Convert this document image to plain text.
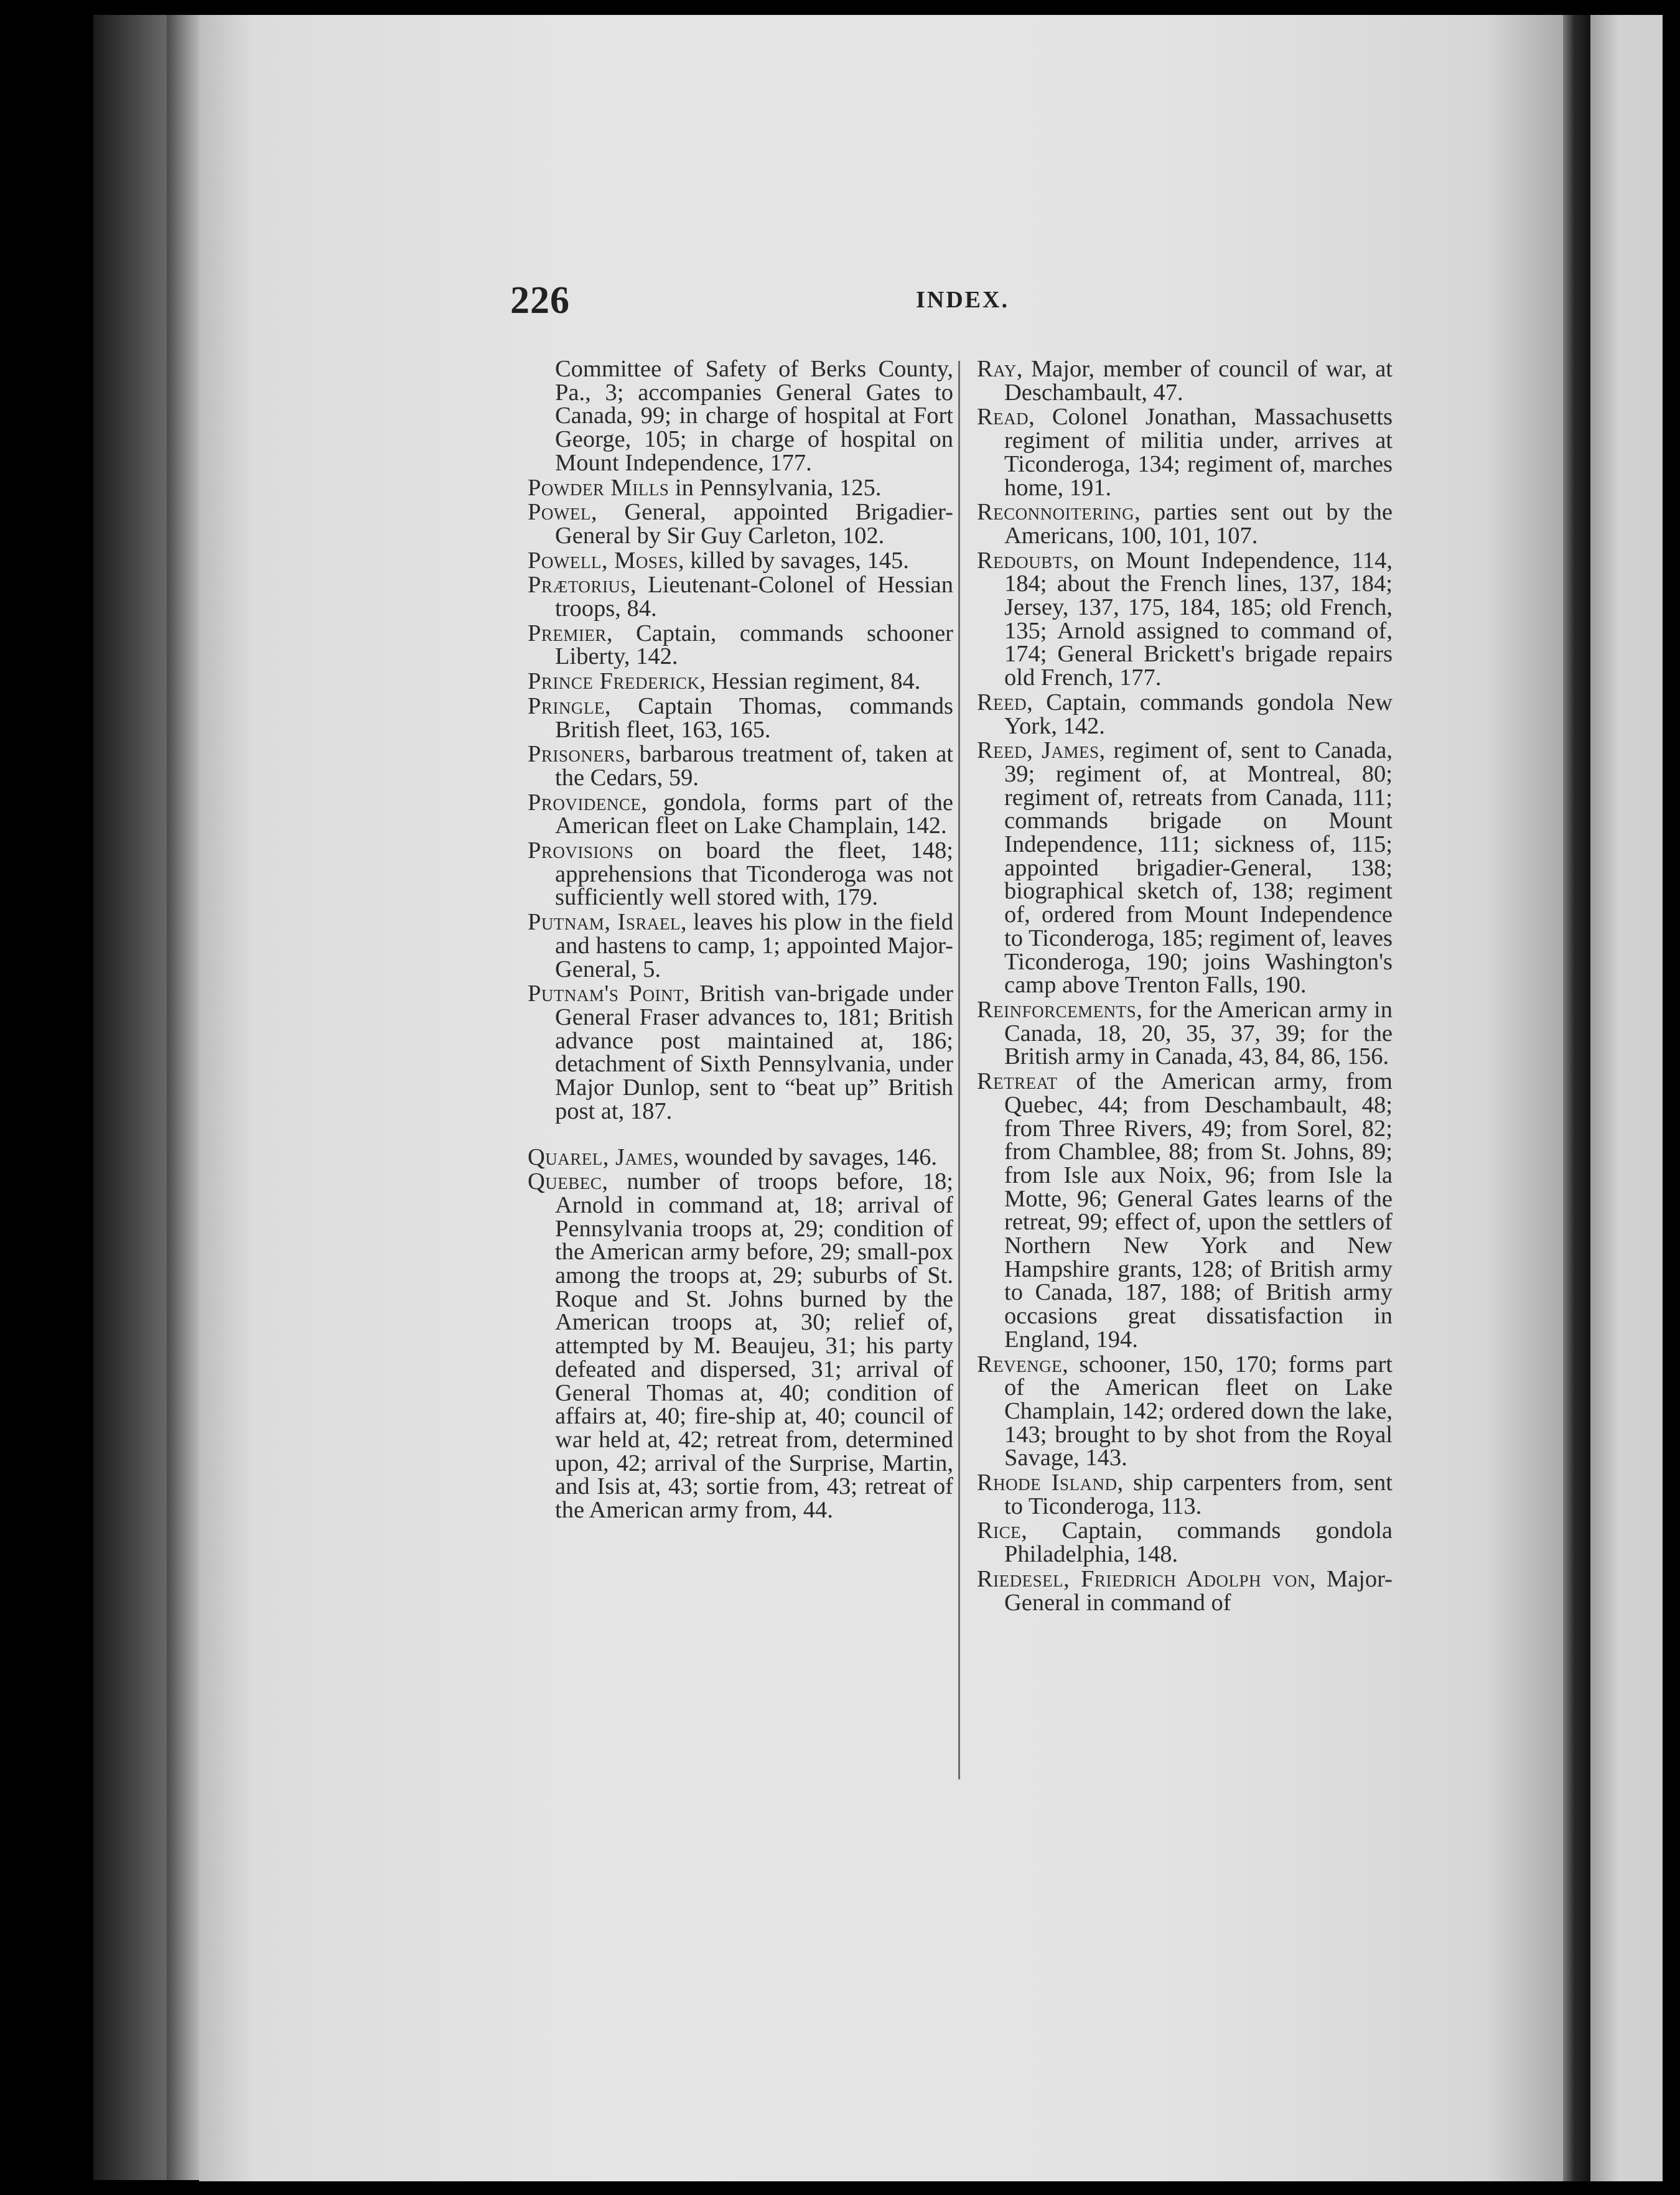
226	INDEX.

Committee of Safety of Berks County, Pa., 3; accompanies General Gates to Canada, 99; in charge of hospital at Fort George, 105; in charge of hospital on Mount Independence, 177.

Powder Mills in Pennsylvania, 125.

Powel, General, appointed Brigadier-General by Sir Guy Carleton, 102.

Powell, Moses, killed by savages, 145.

Prætorius, Lieutenant-Colonel of Hessian troops, 84.

Premier, Captain, commands schooner Liberty, 142.

Prince Frederick, Hessian regiment, 84.

Pringle, Captain Thomas, commands British fleet, 163, 165.

Prisoners, barbarous treatment of, taken at the Cedars, 59.

Providence, gondola, forms part of the American fleet on Lake Champlain, 142.

Provisions on board the fleet, 148; apprehensions that Ticonderoga was not sufficiently well stored with, 179.

Putnam, Israel, leaves his plow in the field and hastens to camp, 1; appointed Major-General, 5.

Putnam's Point, British van-brigade under General Fraser advances to, 181; British advance post maintained at, 186; detachment of Sixth Pennsylvania, under Major Dunlop, sent to “beat up” British post at, 187.

Quarel, James, wounded by savages, 146.

Quebec, number of troops before, 18; Arnold in command at, 18; arrival of Pennsylvania troops at, 29; condition of the American army before, 29; small-pox among the troops at, 29; suburbs of St. Roque and St. Johns burned by the American troops at, 30; relief of, attempted by M. Beaujeu, 31; his party defeated and dispersed, 31; arrival of General Thomas at, 40; condition of affairs at, 40; fire-ship at, 40; council of war held at, 42; retreat from, determined upon, 42; arrival of the Surprise, Martin, and Isis at, 43; sortie from, 43; retreat of the American army from, 44.

Ray, Major, member of council of war, at Deschambault, 47.

Read, Colonel Jonathan, Massachusetts regiment of militia under, arrives at Ticonderoga, 134; regiment of, marches home, 191.

Reconnoitering, parties sent out by the Americans, 100, 101, 107.

Redoubts, on Mount Independence, 114, 184; about the French lines, 137, 184; Jersey, 137, 175, 184, 185; old French, 135; Arnold assigned to command of, 174; General Brickett's brigade repairs old French, 177.

Reed, Captain, commands gondola New York, 142.

Reed, James, regiment of, sent to Canada, 39; regiment of, at Montreal, 80; regiment of, retreats from Canada, 111; commands brigade on Mount Independence, 111; sickness of, 115; appointed brigadier-General, 138; biographical sketch of, 138; regiment of, ordered from Mount Independence to Ticonderoga, 185; regiment of, leaves Ticonderoga, 190; joins Washington's camp above Trenton Falls, 190.

Reinforcements, for the American army in Canada, 18, 20, 35, 37, 39; for the British army in Canada, 43, 84, 86, 156.

Retreat of the American army, from Quebec, 44; from Deschambault, 48; from Three Rivers, 49; from Sorel, 82; from Chamblee, 88; from St. Johns, 89; from Isle aux Noix, 96; from Isle la Motte, 96; General Gates learns of the retreat, 99; effect of, upon the settlers of Northern New York and New Hampshire grants, 128; of British army to Canada, 187, 188; of British army occasions great dissatisfaction in England, 194.

Revenge, schooner, 150, 170; forms part of the American fleet on Lake Champlain, 142; ordered down the lake, 143; brought to by shot from the Royal Savage, 143.

Rhode Island, ship carpenters from, sent to Ticonderoga, 113.

Rice, Captain, commands gondola Philadelphia, 148.

Riedesel, Friedrich Adolph von, Major-General in command of
